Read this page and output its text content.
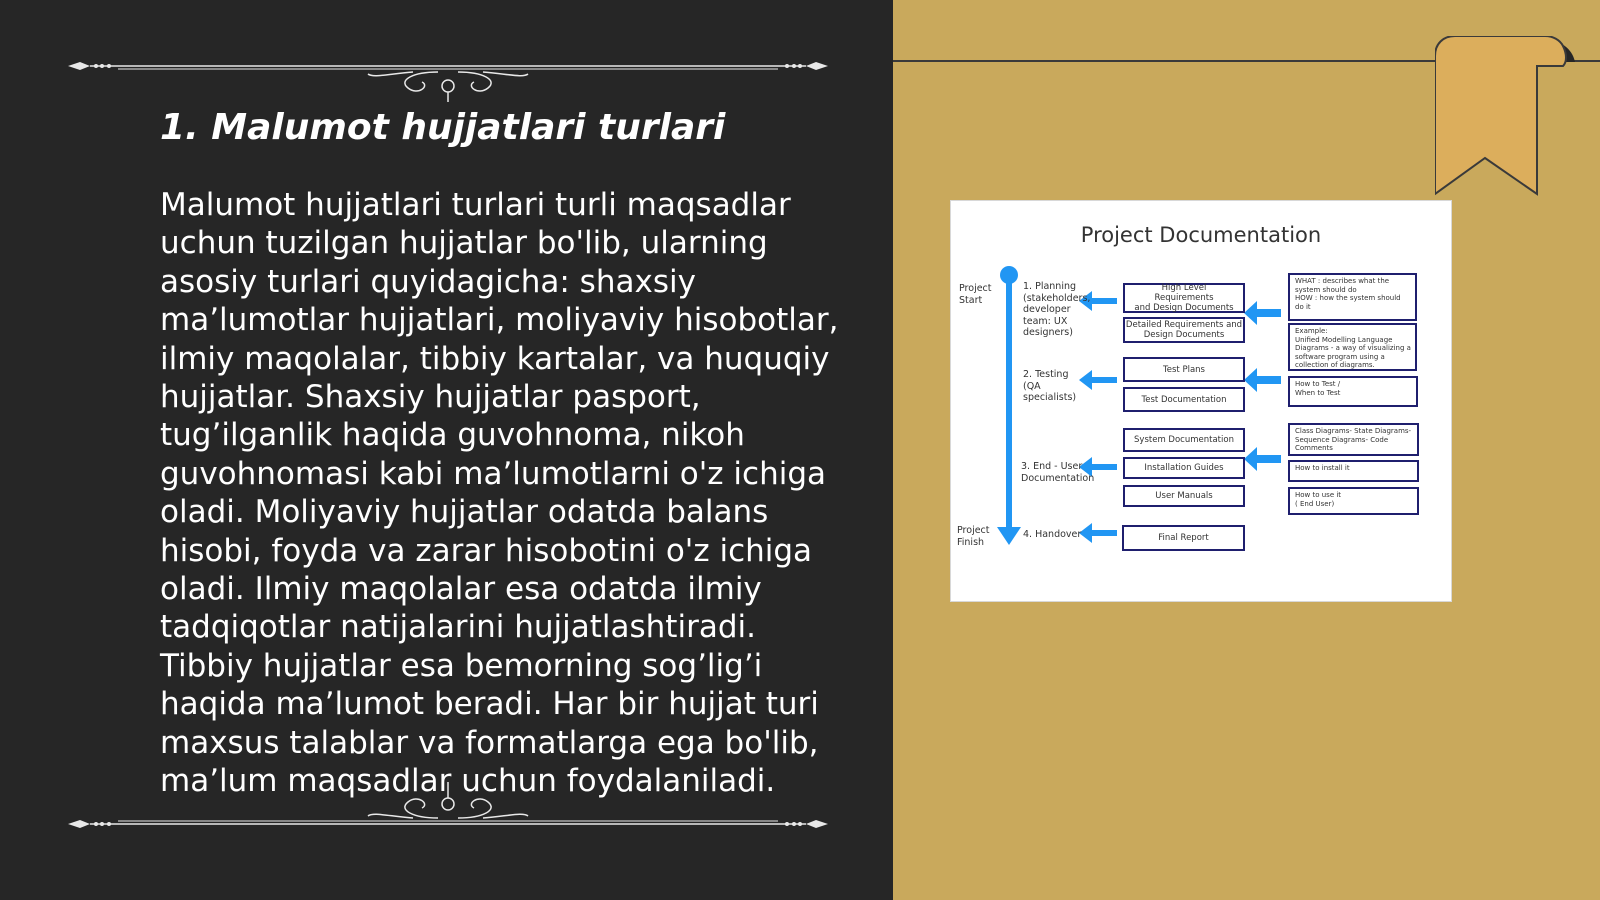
1. Malumot hujjatlari turlari

Malumot hujjatlari turlari turli maqsadlar uchun tuzilgan hujjatlar bo'lib, ularning asosiy turlari quyidagicha: shaxsiy ma’lumotlar hujjatlari, moliyaviy hisobotlar, ilmiy maqolalar, tibbiy kartalar, va huquqiy hujjatlar. Shaxsiy hujjatlar pasport, tug’ilganlik haqida guvohnoma, nikoh guvohnomasi kabi ma’lumotlarni o'z ichiga oladi. Moliyaviy hujjatlar odatda balans hisobi, foyda va zarar hisobotini o'z ichiga oladi. Ilmiy maqolalar esa odatda ilmiy tadqiqotlar natijalarini hujjatlashtiradi. Tibbiy hujjatlar esa bemorning sog’lig’i haqida ma’lumot beradi. Har bir hujjat turi maxsus talablar va formatlarga ega bo'lib, ma’lum maqsadlar uchun foydalaniladi.

Project Documentation
Project
Start
Project
Finish
1. Planning
(stakeholders,
developer
team: UX
designers)
2. Testing
(QA
specialists)
3. End - User
Documentation
4. Handover
High Level
Requirements
and Design Documents
Detailed Requirements and
Design Documents
Test Plans
Test Documentation
System Documentation
Installation Guides
User Manuals
Final Report
WHAT : describes what the
system should do
HOW : how the system should
do it
Example:
Unified Modelling Language
Diagrams - a way of visualizing a
software program using a
collection of diagrams.
How to Test /
When to Test
Class Diagrams- State Diagrams-
Sequence Diagrams- Code
Comments
How to install it
How to use it
( End User)
